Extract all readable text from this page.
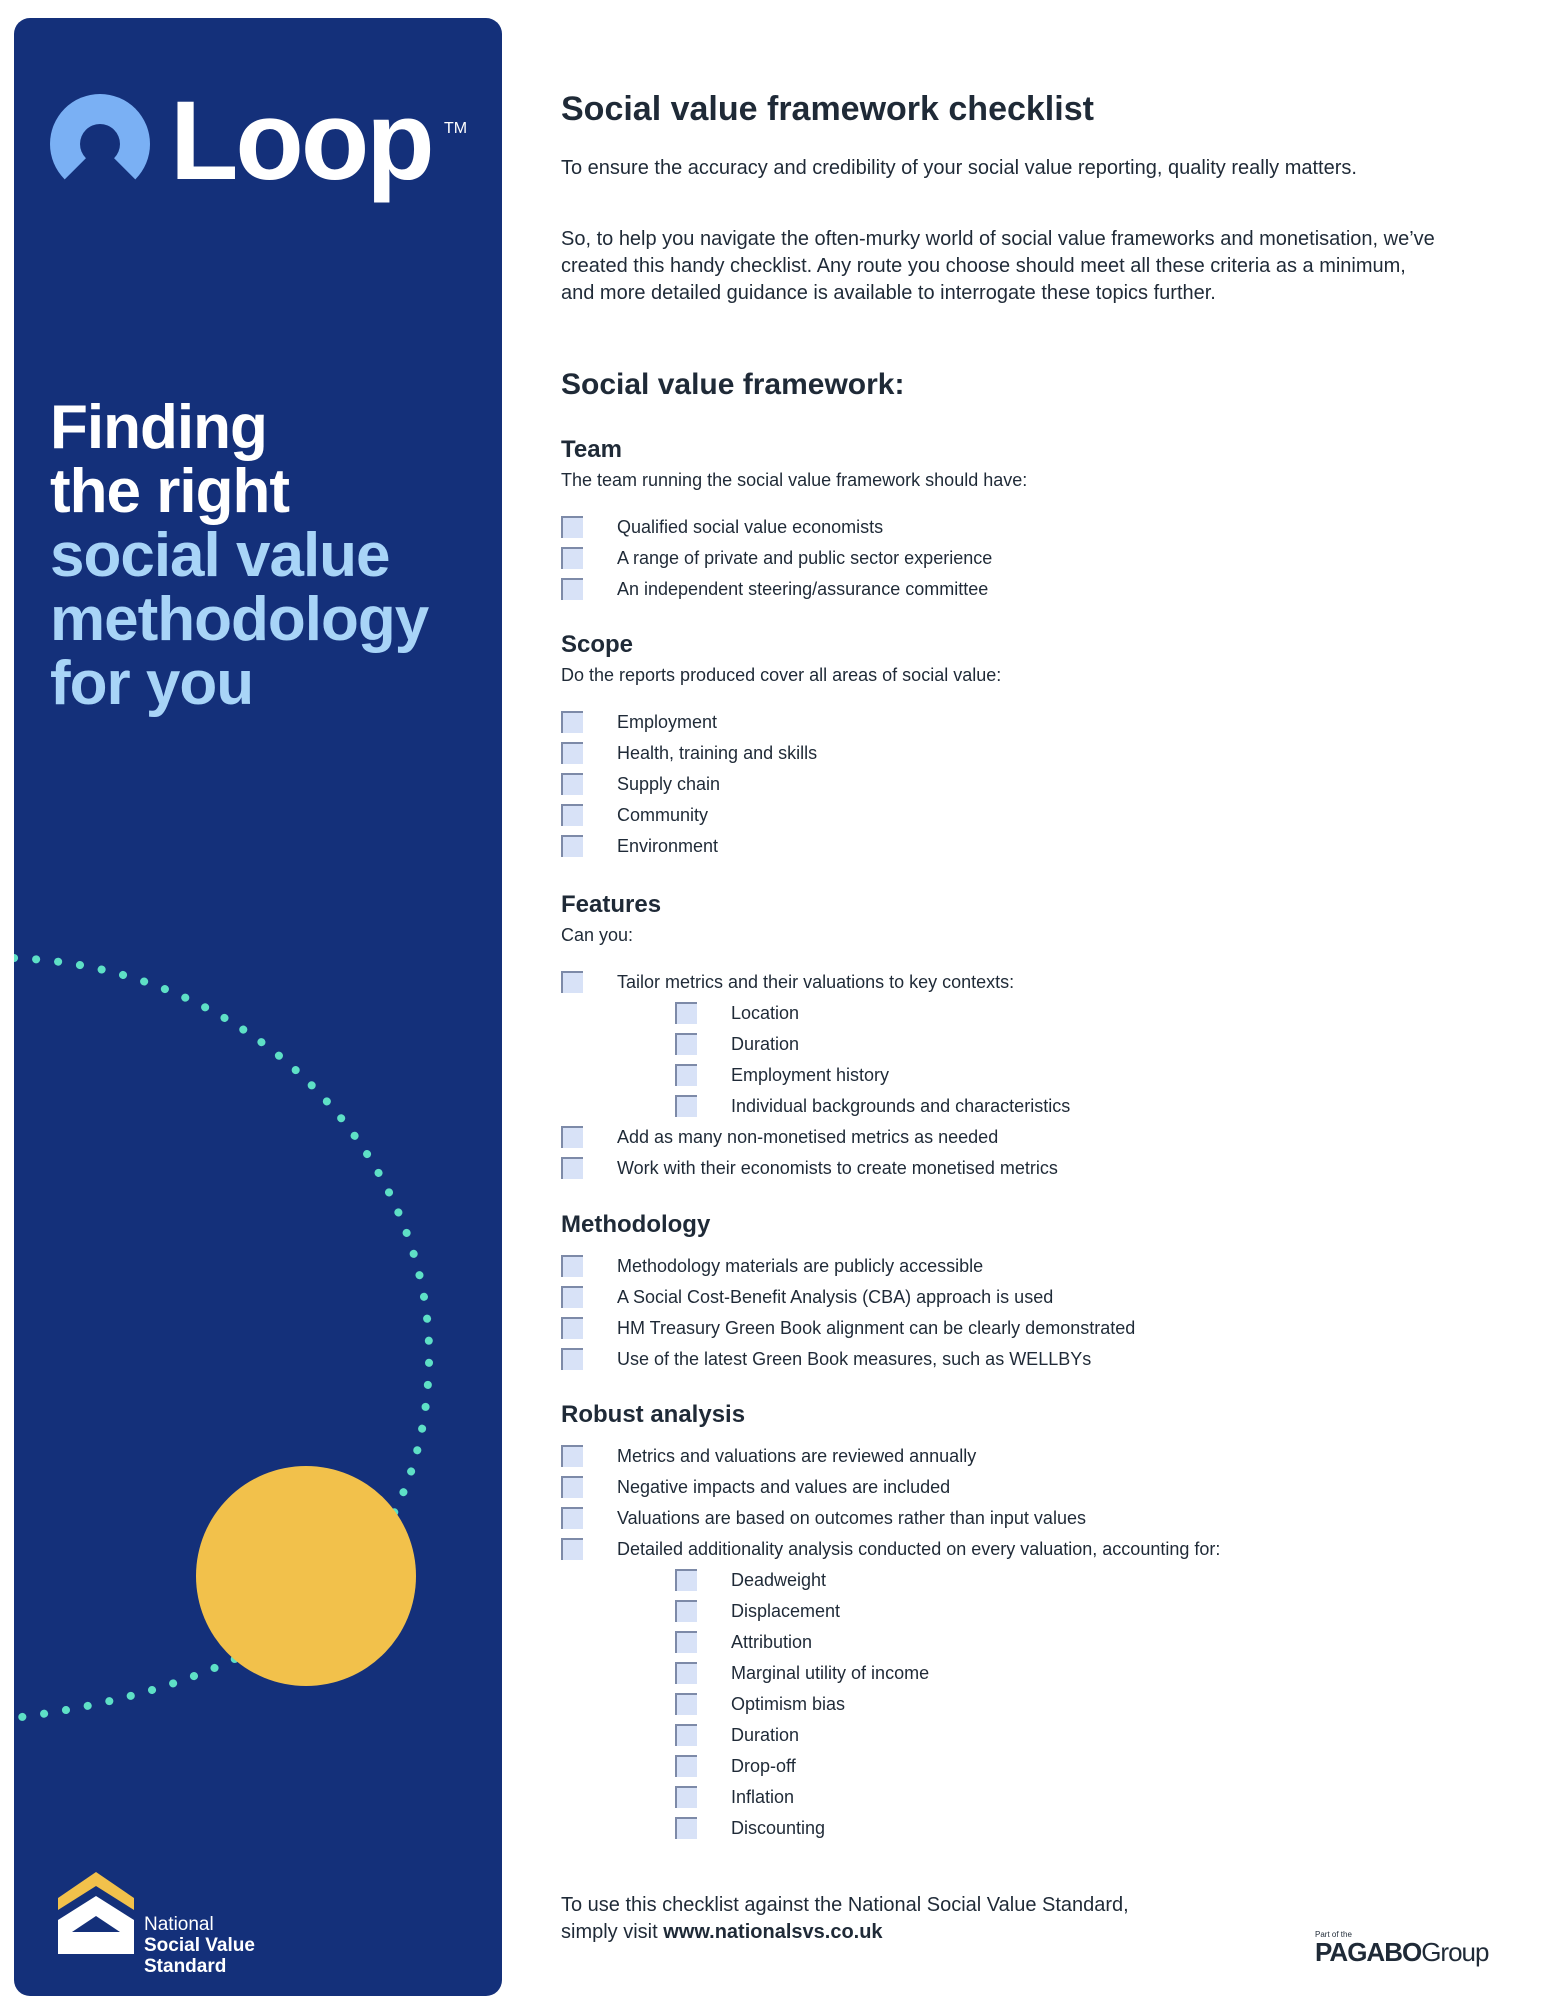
Loop TM
Finding
the right
social value
methodology
for you
National
Social Value
Standard
Social value framework checklist

To ensure the accuracy and credibility of your social value reporting, quality really matters.

So, to help you navigate the often-murky world of social value frameworks and monetisation, we’ve created this handy checklist. Any route you choose should meet all these criteria as a minimum, and more detailed guidance is available to interrogate these topics further.

Social value framework:
Team
The team running the social value framework should have:
Qualified social value economists
A range of private and public sector experience
An independent steering/assurance committee
Scope
Do the reports produced cover all areas of social value:
Employment
Health, training and skills
Supply chain
Community
Environment
Features
Can you:
Tailor metrics and their valuations to key contexts:
Location
Duration
Employment history
Individual backgrounds and characteristics
Add as many non-monetised metrics as needed
Work with their economists to create monetised metrics
Methodology
Methodology materials are publicly accessible
A Social Cost-Benefit Analysis (CBA) approach is used
HM Treasury Green Book alignment can be clearly demonstrated
Use of the latest Green Book measures, such as WELLBYs
Robust analysis
Metrics and valuations are reviewed annually
Negative impacts and values are included
Valuations are based on outcomes rather than input values
Detailed additionality analysis conducted on every valuation, accounting for:
Deadweight
Displacement
Attribution
Marginal utility of income
Optimism bias
Duration
Drop-off
Inflation
Discounting
To use this checklist against the National Social Value Standard,
simply visit www.nationalsvs.co.uk	Part of the
PAGABOGroup
